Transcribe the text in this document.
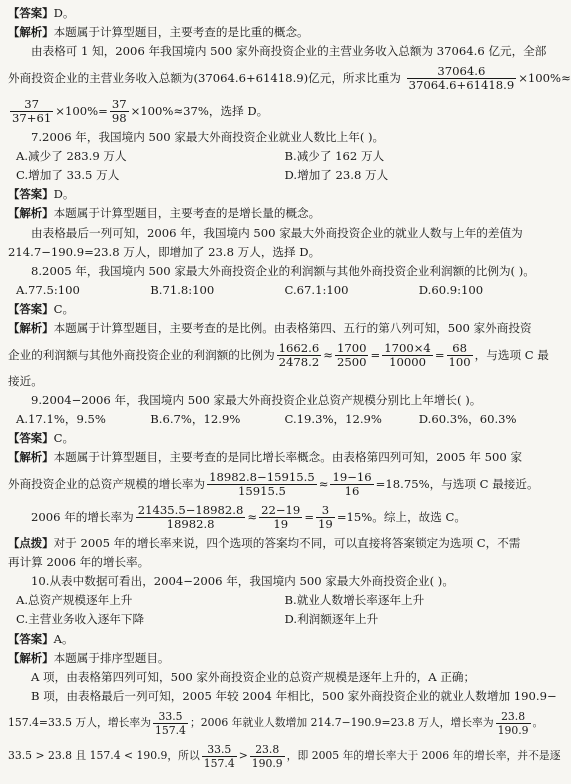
【答案】D。
【解析】本题属于计算型题目，主要考查的是比重的概念。
由表格可 1 知，2006 年我国境内 500 家外商投资企业的主营业务收入总额为 37064.6 亿元，全部
外商投资企业的主营业务收入总额为(37064.6+61418.9)亿元，所求比重为 $\frac{37064.6}{37064.6+61418.9} \times 100\%\approx$
$\frac{37}{37+61} \times 100\%= \frac{37}{98} \times 100\%\approx 37\%$，选择 D。
7.2006 年，我国境内 500 家最大外商投资企业就业人数比上年( )。
A.减少了 283.9 万人	B.减少了 162 万人
C.增加了 33.5 万人	D.增加了 23.8 万人
【答案】D。
【解析】本题属于计算型题目，主要考查的是增长量的概念。
由表格最后一列可知，2006 年，我国境内 500 家最大外商投资企业的就业人数与上年的差值为
214.7−190.9=23.8 万人，即增加了 23.8 万人，选择 D。
8.2005 年，我国境内 500 家最大外商投资企业的利润额与其他外商投资企业利润额的比例为( )。
A.77.5:100	B.71.8:100	C.67.1:100	D.60.9:100
【答案】C。
【解析】本题属于计算型题目，主要考查的是比例。由表格第四、五行的第八列可知，500 家外商投资
企业的利润额与其他外商投资企业的利润额的比例为 $\frac{1662.6}{2478.2} \approx \frac{1700}{2500} = \frac{1700\times 4}{10000} = \frac{68}{100}$ ，与选项 C 最
接近。
9.2004−2006 年，我国境内 500 家最大外商投资企业总资产规模分别比上年增长( )。
A.17.1%，9.5%	B.6.7%，12.9%	C.19.3%，12.9%	D.60.3%，60.3%
【答案】C。
【解析】本题属于计算型题目，主要考查的是同比增长率概念。由表格第四列可知，2005 年 500 家
外商投资企业的总资产规模的增长率为 $\frac{18982.8-15915.5}{15915.5} \approx \frac{19-16}{16} =18.75\%$，与选项 C 最接近。
2006 年的增长率为 $\frac{21435.5-18982.8}{18982.8} \approx \frac{22-19}{19} = \frac{3}{19} =15\%$。综上，故选 C。
【点拨】对于 2005 年的增长率来说，四个选项的答案均不同，可以直接将答案锁定为选项 C，不需
再计算 2006 年的增长率。
10.从表中数据可看出，2004−2006 年，我国境内 500 家最大外商投资企业( )。
A.总资产规模逐年上升	B.就业人数增长率逐年上升
C.主营业务收入逐年下降	D.利润额逐年上升
【答案】A。
【解析】本题属于排序型题目。
A 项，由表格第四列可知，500 家外商投资企业的总资产规模是逐年上升的，A 正确；
B 项，由表格最后一列可知，2005 年较 2004 年相比，500 家外商投资企业的就业人数增加 190.9−
157.4=33.5 万人，增长率为 $\frac{33.5}{157.4}$ ；2006 年就业人数增加 214.7−190.9=23.8 万人，增长率为 $\frac{23.8}{190.9}$ 。
33.5 > 23.8 且 157.4 < 190.9，所以 $\frac{33.5}{157.4} > \frac{23.8}{190.9}$ ，即 2005 年的增长率大于 2006 年的增长率，并不是逐
